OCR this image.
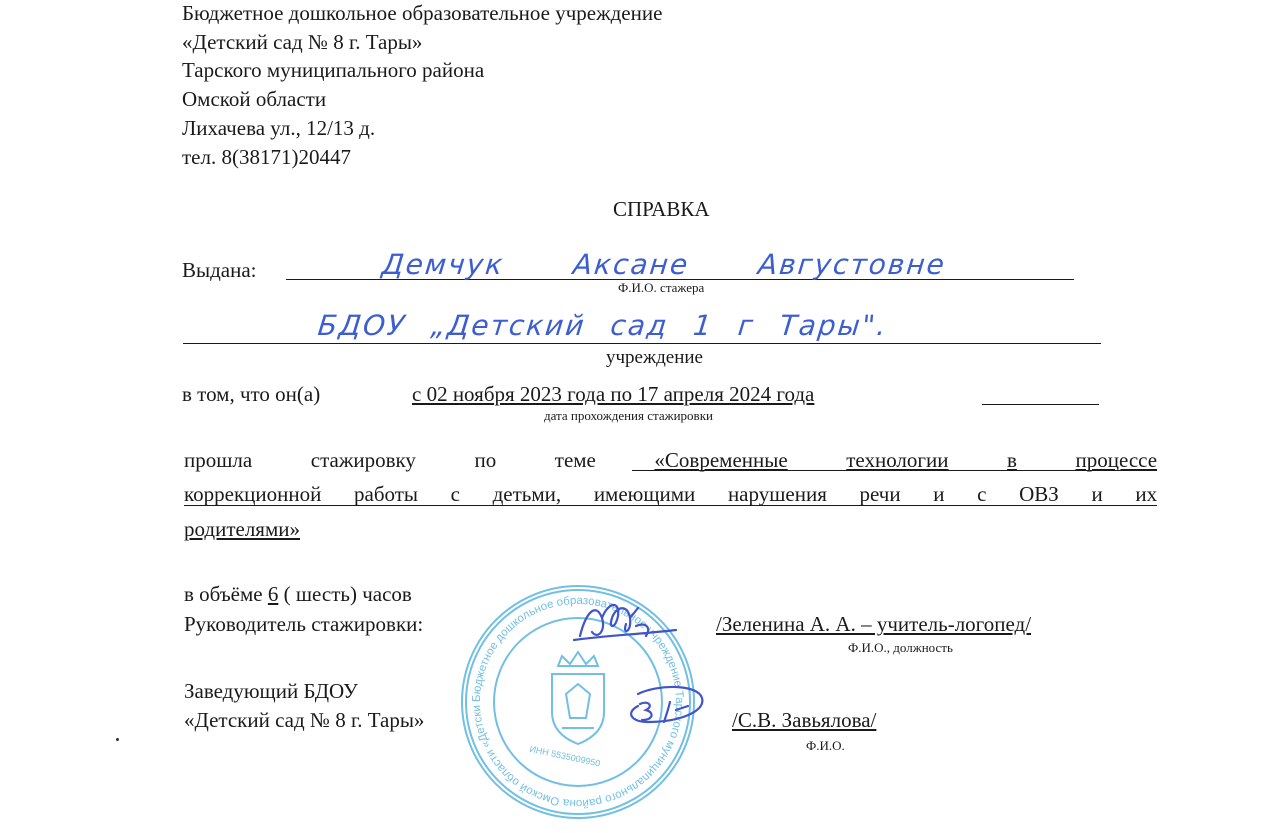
Бюджетное дошкольное образовательное учреждение
«Детский сад № 8 г. Тары»
Тарского муниципального района
Омской области
Лихачева ул., 12/13 д.
тел. 8(38171)20447
СПРАВКА
Выдана:	Демчук Аксане Августовне
Ф.И.О. стажера
БДОУ „Детский сад 1 г Тары".
учреждение
в том, что он(а)	с 02 ноября 2023 года по 17 апреля 2024 года
дата прохождения стажировки
прошла	стажировку	по	теме	«Современные	технологии	в	процессе
коррекционной работы с детьми, имеющими нарушения речи и с ОВЗ и их
родителями»
в объёме 6 ( шесть) часов
Бюджетное дошкольное образовательное учреждение Тарского муниципального района Омской области «Детский сад № 8 г. Тары»
ИНН 5535009950
Руководитель стажировки:	/Зеленина А. А. – учитель-логопед/
Ф.И.О., должность
Заведующий БДОУ
«Детский сад № 8 г. Тары»	/С.В. Завьялова/
Ф.И.О.
